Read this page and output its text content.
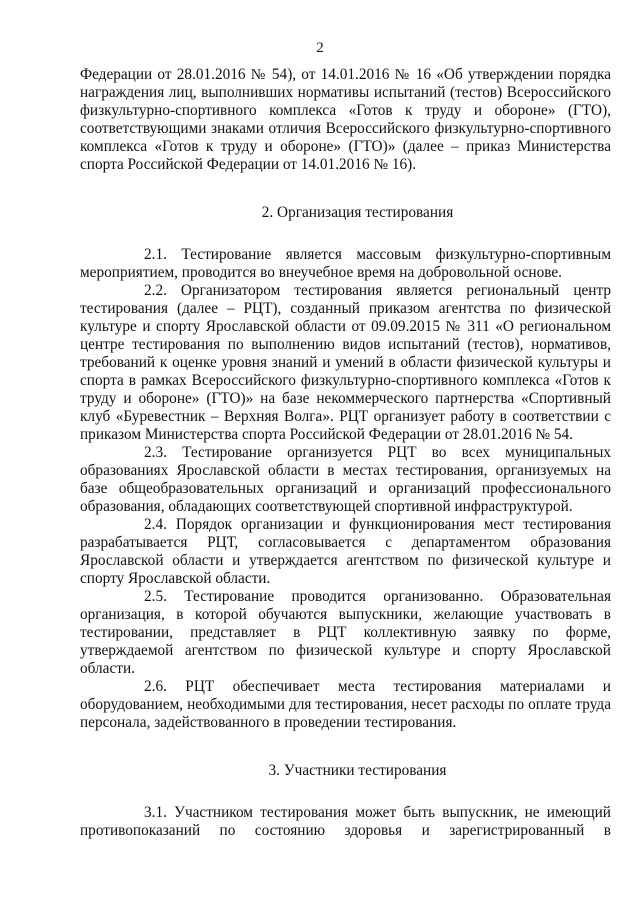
2

Федерации от 28.01.2016 № 54), от 14.01.2016 № 16 «Об утверждении порядка награждения лиц, выполнивших нормативы испытаний (тестов) Всероссийского физкультурно-спортивного комплекса «Готов к труду и обороне» (ГТО), соответствующими знаками отличия Всероссийского физкультурно-спортивного комплекса «Готов к труду и обороне» (ГТО)» (далее – приказ Министерства спорта Российской Федерации от 14.01.2016 № 16).

2. Организация тестирования

2.1. Тестирование является массовым физкультурно-спортивным мероприятием, проводится во внеучебное время на добровольной основе.

2.2. Организатором тестирования является региональный центр тестирования (далее – РЦТ), созданный приказом агентства по физической культуре и спорту Ярославской области от 09.09.2015 № 311 «О региональном центре тестирования по выполнению видов испытаний (тестов), нормативов, требований к оценке уровня знаний и умений в области физической культуры и спорта в рамках Всероссийского физкультурно-спортивного комплекса «Готов к труду и обороне» (ГТО)» на базе некоммерческого партнерства «Спортивный клуб «Буревестник – Верхняя Волга». РЦТ организует работу в соответствии с приказом Министерства спорта Российской Федерации от 28.01.2016 № 54.

2.3. Тестирование организуется РЦТ во всех муниципальных образованиях Ярославской области в местах тестирования, организуемых на базе общеобразовательных организаций и организаций профессионального образования, обладающих соответствующей спортивной инфраструктурой.

2.4. Порядок организации и функционирования мест тестирования разрабатывается РЦТ, согласовывается с департаментом образования Ярославской области и утверждается агентством по физической культуре и спорту Ярославской области.

2.5. Тестирование проводится организованно. Образовательная организация, в которой обучаются выпускники, желающие участвовать в тестировании, представляет в РЦТ коллективную заявку по форме, утверждаемой агентством по физической культуре и спорту Ярославской области.

2.6. РЦТ обеспечивает места тестирования материалами и оборудованием, необходимыми для тестирования, несет расходы по оплате труда персонала, задействованного в проведении тестирования.

3. Участники тестирования

3.1. Участником тестирования может быть выпускник, не имеющий противопоказаний по состоянию здоровья и зарегистрированный в
